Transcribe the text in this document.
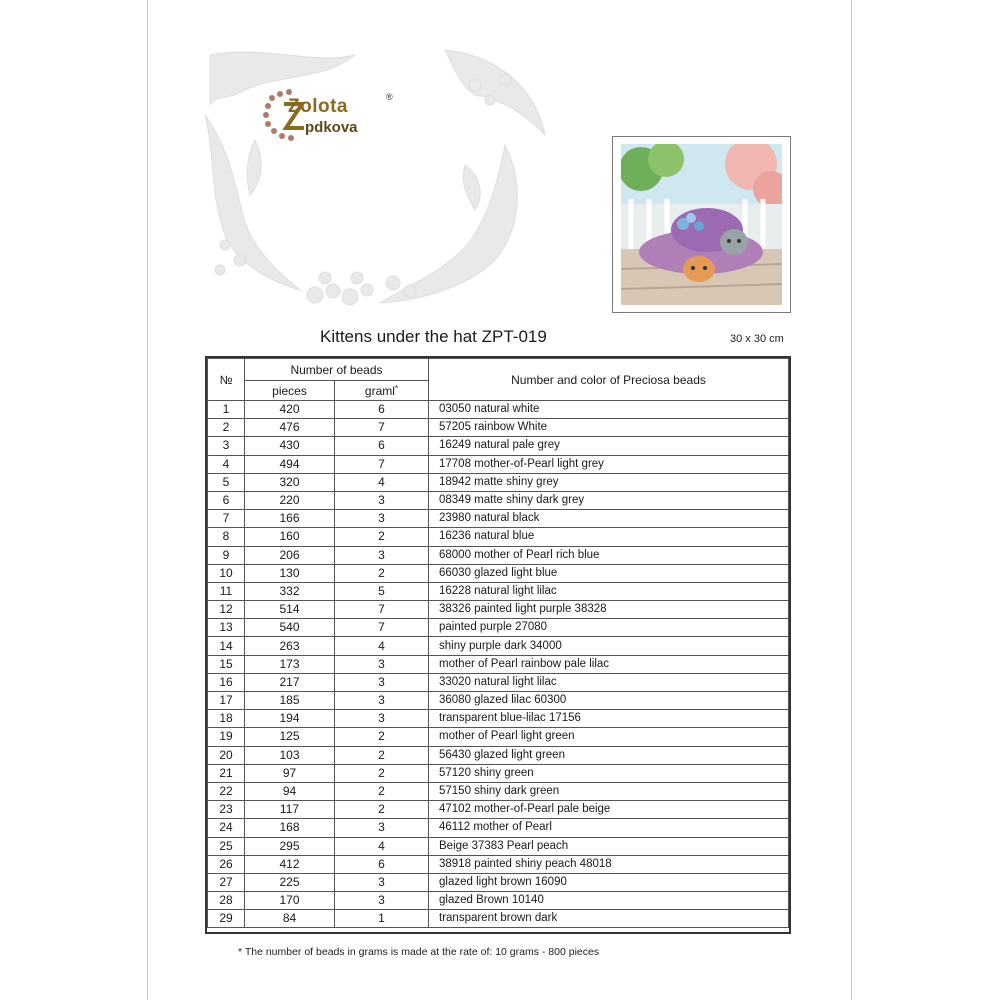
Zolota	®
pdkova
Kittens under the hat ZPT-019	30 x 30 cm
№	Number of beads		Number and color of Preciosa beads
	pieces	graml*
1	420	6	03050 natural white
2	476	7	57205 rainbow White
3	430	6	16249 natural pale grey
4	494	7	17708 mother-of-Pearl light grey
5	320	4	18942 matte shiny grey
6	220	3	08349 matte shiny dark grey
7	166	3	23980 natural black
8	160	2	16236 natural blue
9	206	3	68000 mother of Pearl rich blue
10	130	2	66030 glazed light blue
11	332	5	16228 natural light lilac
12	514	7	38326 painted light purple 38328
13	540	7	painted purple 27080
14	263	4	shiny purple dark 34000
15	173	3	mother of Pearl rainbow pale lilac
16	217	3	33020 natural light lilac
17	185	3	36080 glazed lilac 60300
18	194	3	transparent blue-lilac 17156
19	125	2	mother of Pearl light green
20	103	2	56430 glazed light green
21	97	2	57120 shiny green
22	94	2	57150 shiny dark green
23	117	2	47102 mother-of-Pearl pale beige
24	168	3	46112 mother of Pearl
25	295	4	Beige 37383 Pearl peach
26	412	6	38918 painted shiny peach 48018
27	225	3	glazed light brown 16090
28	170	3	glazed Brown 10140
29	84	1	transparent brown dark
* The number of beads in grams is made at the rate of: 10 grams - 800 pieces
